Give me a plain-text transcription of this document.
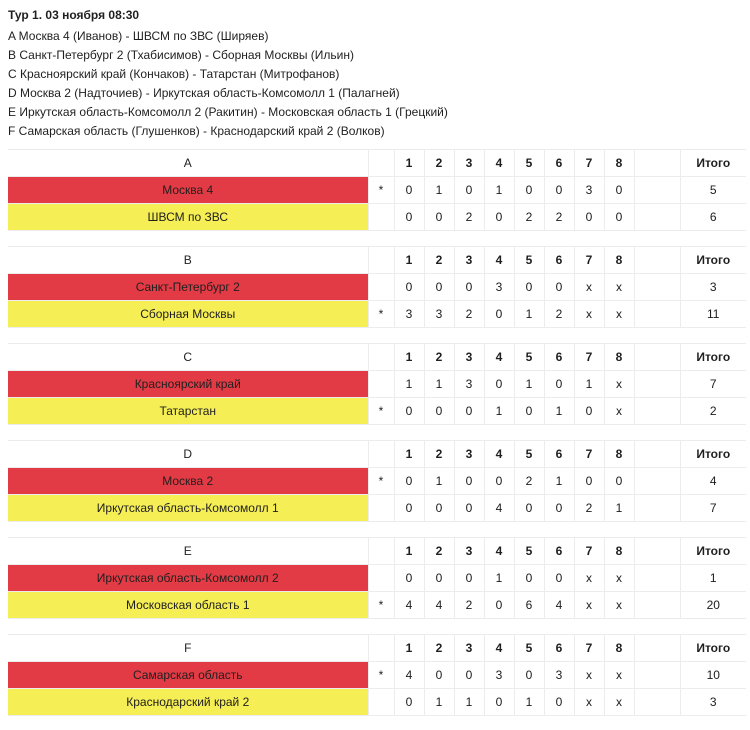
Тур 1. 03 ноября 08:30
A Москва 4 (Иванов) - ШВСМ по ЗВС (Ширяев)
B Санкт-Петербург 2 (Тхабисимов) - Сборная Москвы (Ильин)
C Красноярский край (Кончаков) - Татарстан (Митрофанов)
D Москва 2 (Надточиев) - Иркутская область-Комсомолл 1 (Палагней)
E Иркутская область-Комсомолл 2 (Ракитин) - Московская область 1 (Грецкий)
F Самарская область (Глушенков) - Краснодарский край 2 (Волков)
A		1	2	3	4	5	6	7	8		Итого
Москва 4	*	0	1	0	1	0	0	3	0		5
ШВСМ по ЗВС		0	0	2	0	2	2	0	0		6
B		1	2	3	4	5	6	7	8		Итого
Санкт-Петербург 2		0	0	0	3	0	0	x	x		3
Сборная Москвы	*	3	3	2	0	1	2	x	x		11
C		1	2	3	4	5	6	7	8		Итого
Красноярский край		1	1	3	0	1	0	1	x		7
Татарстан	*	0	0	0	1	0	1	0	x		2
D		1	2	3	4	5	6	7	8		Итого
Москва 2	*	0	1	0	0	2	1	0	0		4
Иркутская область-Комсомолл 1		0	0	0	4	0	0	2	1		7
E		1	2	3	4	5	6	7	8		Итого
Иркутская область-Комсомолл 2		0	0	0	1	0	0	x	x		1
Московская область 1	*	4	4	2	0	6	4	x	x		20
F		1	2	3	4	5	6	7	8		Итого
Самарская область	*	4	0	0	3	0	3	x	x		10
Краснодарский край 2		0	1	1	0	1	0	x	x		3
